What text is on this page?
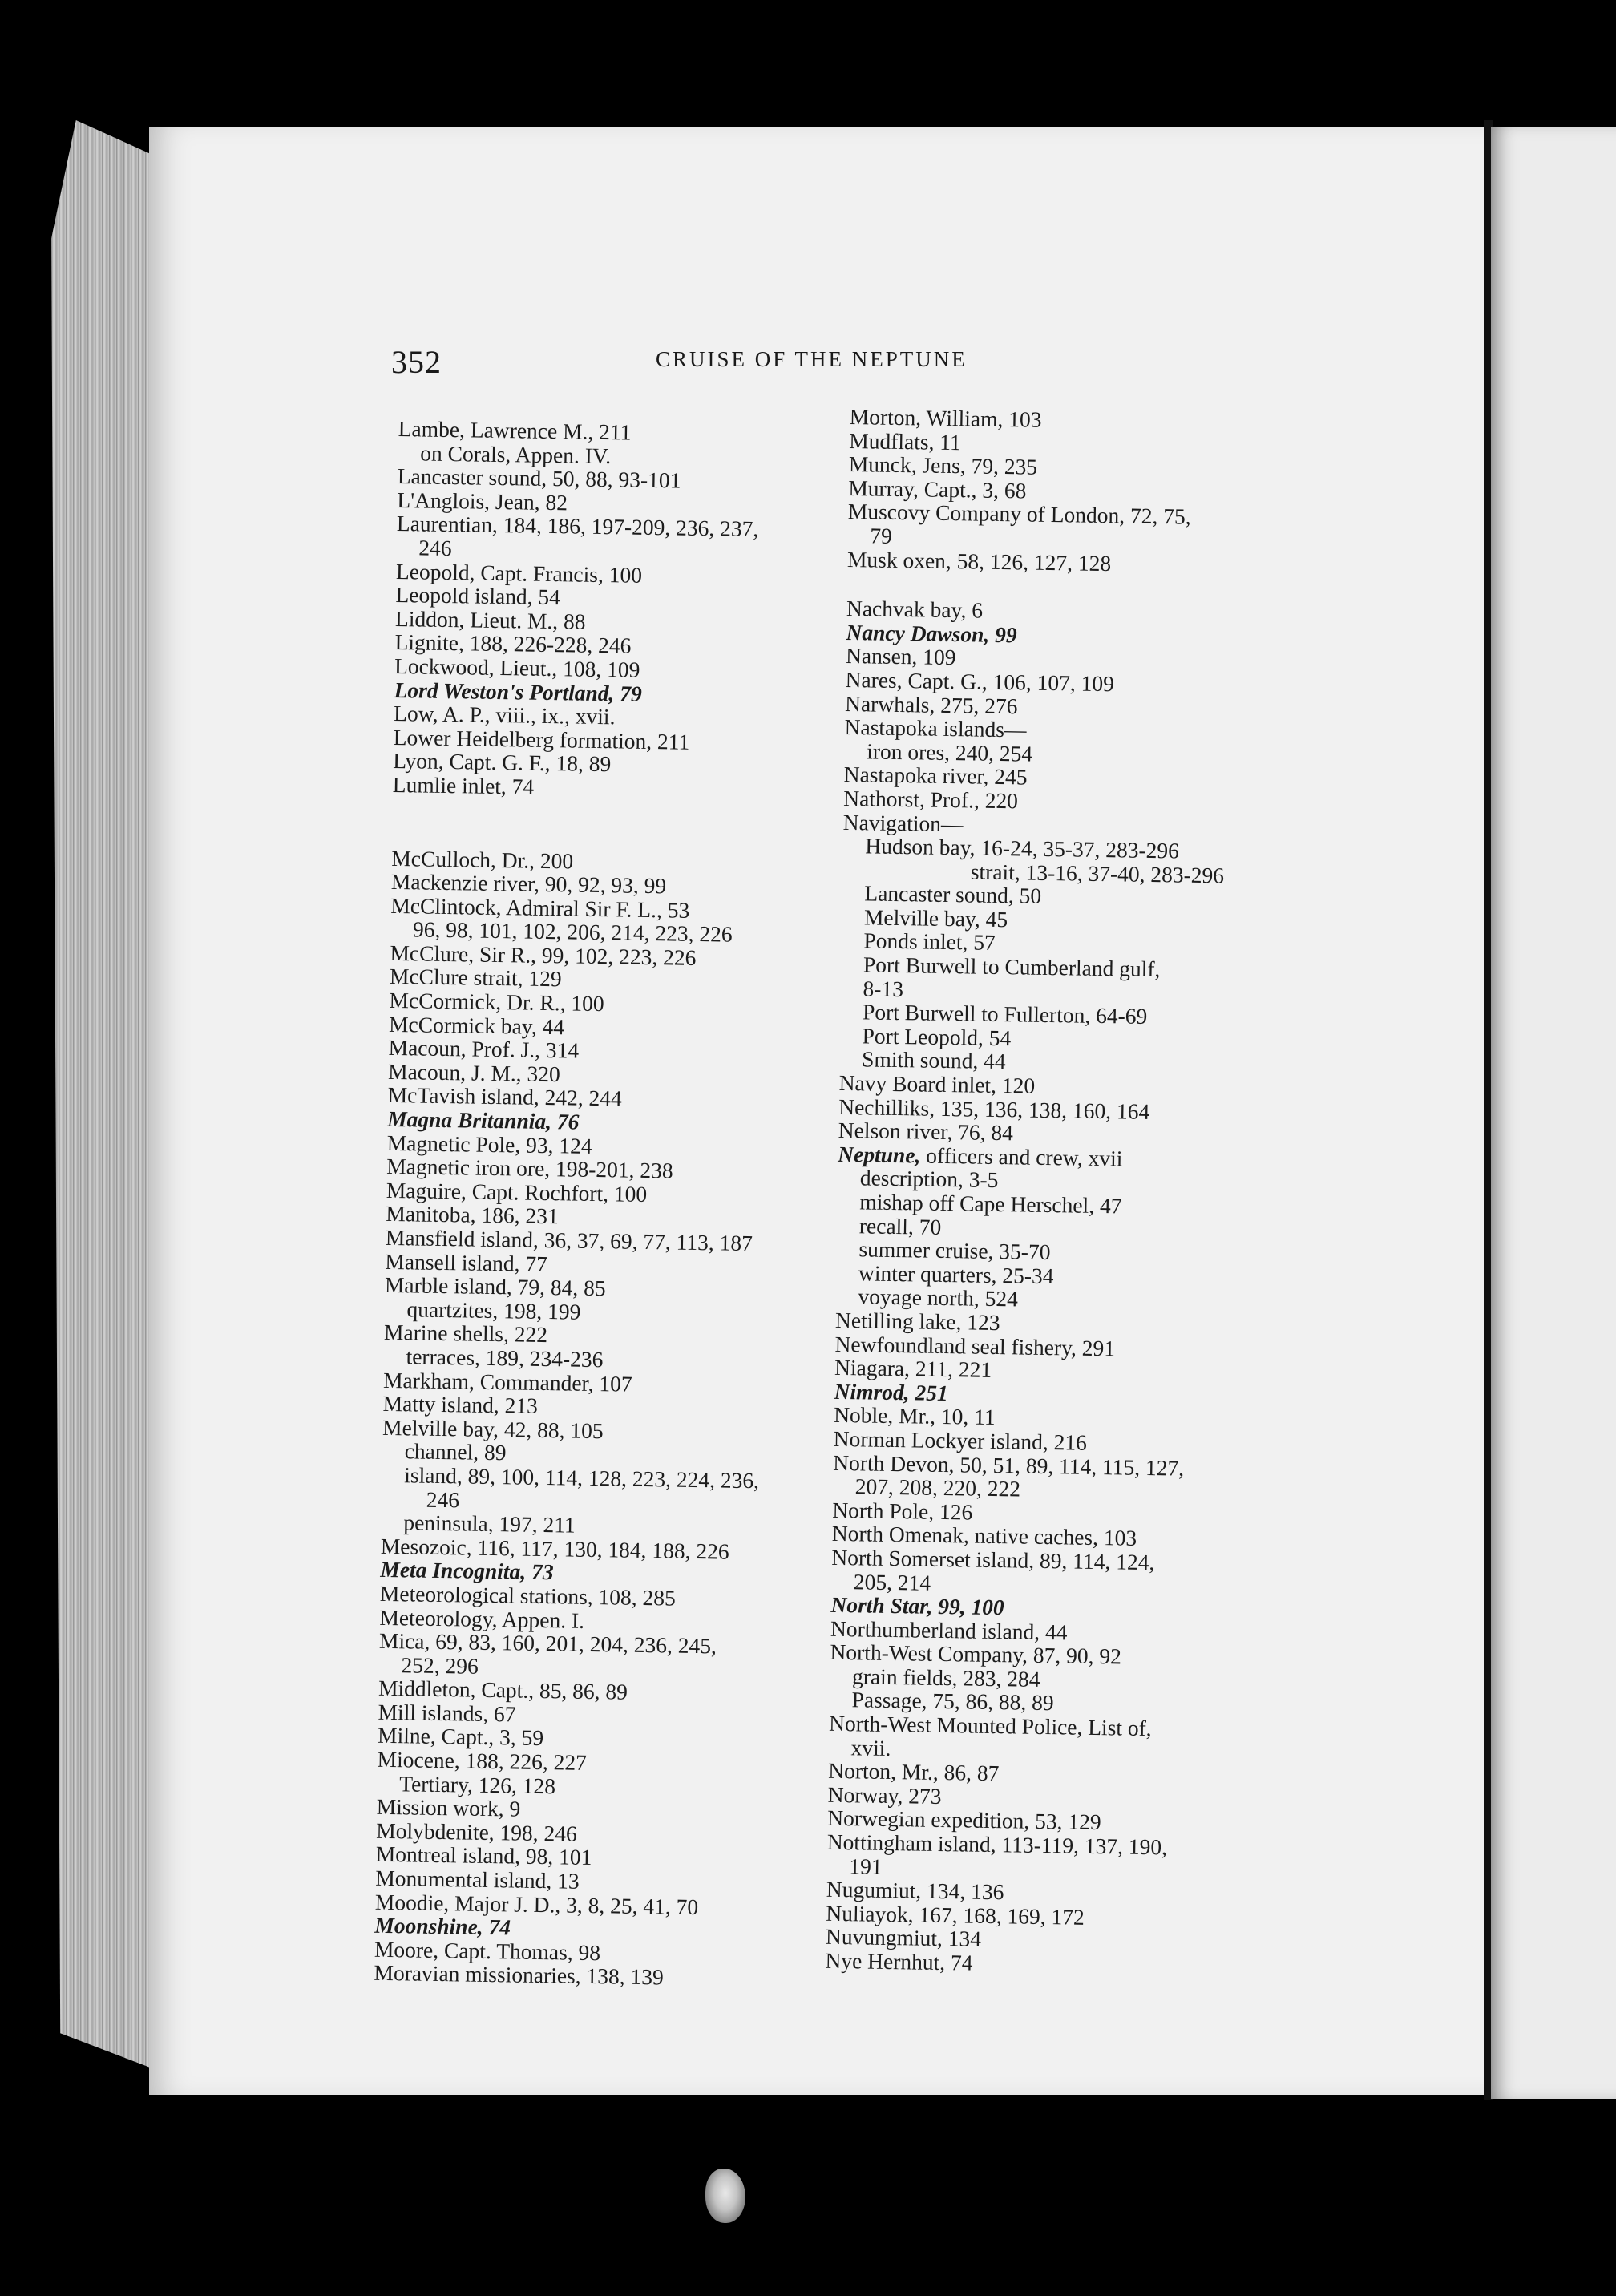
352	CRUISE OF THE NEPTUNE
Lambe, Lawrence M., 211
on Corals, Appen. IV.
Lancaster sound, 50, 88, 93-101
L'Anglois, Jean, 82
Laurentian, 184, 186, 197-209, 236, 237,
246
Leopold, Capt. Francis, 100
Leopold island, 54
Liddon, Lieut. M., 88
Lignite, 188, 226-228, 246
Lockwood, Lieut., 108, 109
Lord Weston's Portland, 79
Low, A. P., viii., ix., xvii.
Lower Heidelberg formation, 211
Lyon, Capt. G. F., 18, 89
Lumlie inlet, 74
McCulloch, Dr., 200
Mackenzie river, 90, 92, 93, 99
McClintock, Admiral Sir F. L., 53
96, 98, 101, 102, 206, 214, 223, 226
McClure, Sir R., 99, 102, 223, 226
McClure strait, 129
McCormick, Dr. R., 100
McCormick bay, 44
Macoun, Prof. J., 314
Macoun, J. M., 320
McTavish island, 242, 244
Magna Britannia, 76
Magnetic Pole, 93, 124
Magnetic iron ore, 198-201, 238
Maguire, Capt. Rochfort, 100
Manitoba, 186, 231
Mansfield island, 36, 37, 69, 77, 113, 187
Mansell island, 77
Marble island, 79, 84, 85
quartzites, 198, 199
Marine shells, 222
terraces, 189, 234-236
Markham, Commander, 107
Matty island, 213
Melville bay, 42, 88, 105
channel, 89
island, 89, 100, 114, 128, 223, 224, 236,
246
peninsula, 197, 211
Mesozoic, 116, 117, 130, 184, 188, 226
Meta Incognita, 73
Meteorological stations, 108, 285
Meteorology, Appen. I.
Mica, 69, 83, 160, 201, 204, 236, 245,
252, 296
Middleton, Capt., 85, 86, 89
Mill islands, 67
Milne, Capt., 3, 59
Miocene, 188, 226, 227
Tertiary, 126, 128
Mission work, 9
Molybdenite, 198, 246
Montreal island, 98, 101
Monumental island, 13
Moodie, Major J. D., 3, 8, 25, 41, 70
Moonshine, 74
Moore, Capt. Thomas, 98
Moravian missionaries, 138, 139
Morton, William, 103
Mudflats, 11
Munck, Jens, 79, 235
Murray, Capt., 3, 68
Muscovy Company of London, 72, 75,
79
Musk oxen, 58, 126, 127, 128
Nachvak bay, 6
Nancy Dawson, 99
Nansen, 109
Nares, Capt. G., 106, 107, 109
Narwhals, 275, 276
Nastapoka islands—
iron ores, 240, 254
Nastapoka river, 245
Nathorst, Prof., 220
Navigation—
Hudson bay, 16-24, 35-37, 283-296
strait, 13-16, 37-40, 283-296
Lancaster sound, 50
Melville bay, 45
Ponds inlet, 57
Port Burwell to Cumberland gulf,
8-13
Port Burwell to Fullerton, 64-69
Port Leopold, 54
Smith sound, 44
Navy Board inlet, 120
Nechilliks, 135, 136, 138, 160, 164
Nelson river, 76, 84
Neptune, officers and crew, xvii
description, 3-5
mishap off Cape Herschel, 47
recall, 70
summer cruise, 35-70
winter quarters, 25-34
voyage north, 524
Netilling lake, 123
Newfoundland seal fishery, 291
Niagara, 211, 221
Nimrod, 251
Noble, Mr., 10, 11
Norman Lockyer island, 216
North Devon, 50, 51, 89, 114, 115, 127,
207, 208, 220, 222
North Pole, 126
North Omenak, native caches, 103
North Somerset island, 89, 114, 124,
205, 214
North Star, 99, 100
Northumberland island, 44
North-West Company, 87, 90, 92
grain fields, 283, 284
Passage, 75, 86, 88, 89
North-West Mounted Police, List of,
xvii.
Norton, Mr., 86, 87
Norway, 273
Norwegian expedition, 53, 129
Nottingham island, 113-119, 137, 190,
191
Nugumiut, 134, 136
Nuliayok, 167, 168, 169, 172
Nuvungmiut, 134
Nye Hernhut, 74
